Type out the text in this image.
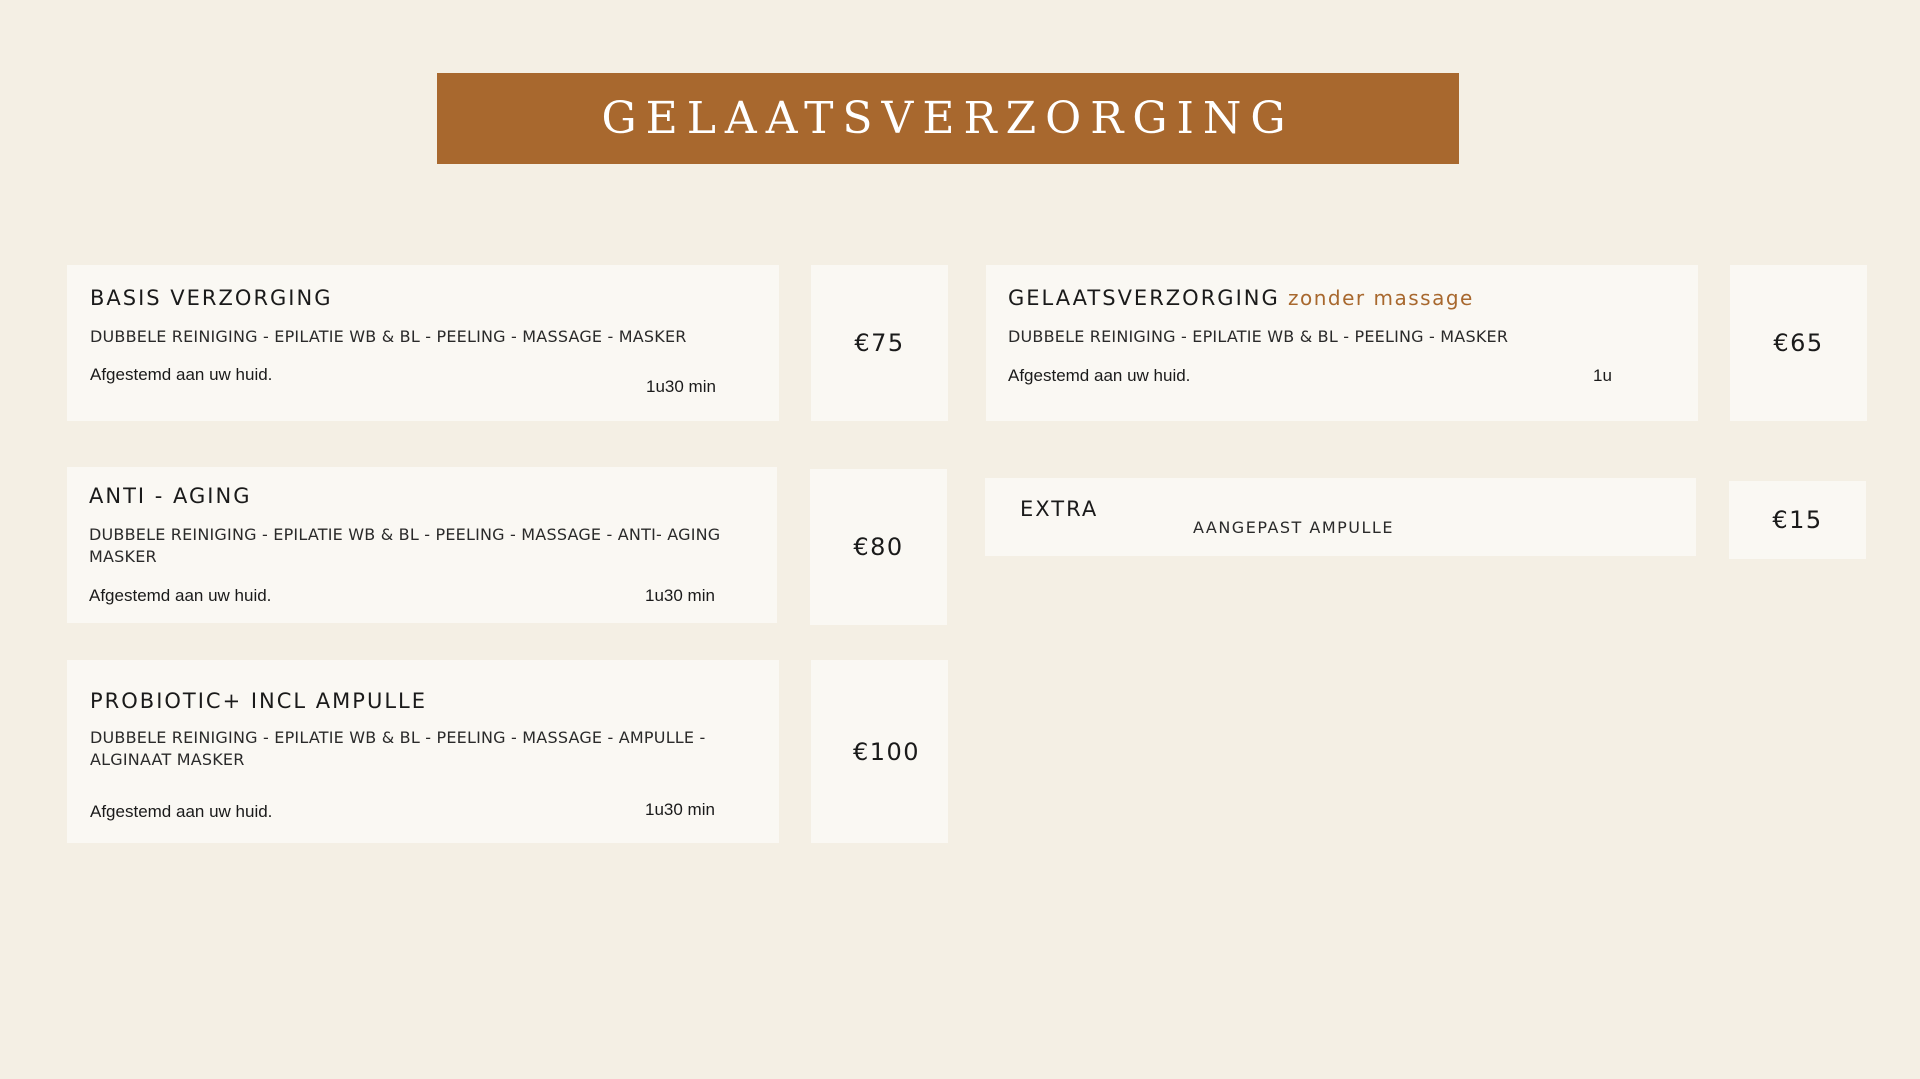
GELAATSVERZORGING
BASIS VERZORGING
DUBBELE REINIGING - EPILATIE WB & BL - PEELING - MASSAGE - MASKER
Afgestemd aan uw huid.
1u30 min
€75
ANTI - AGING
DUBBELE REINIGING - EPILATIE WB & BL - PEELING - MASSAGE - ANTI- AGING MASKER
Afgestemd aan uw huid.	1u30 min
€80
PROBIOTIC+ INCL AMPULLE
DUBBELE REINIGING - EPILATIE WB & BL - PEELING - MASSAGE - AMPULLE - ALGINAAT MASKER
Afgestemd aan uw huid.	1u30 min
€100
GELAATSVERZORGING zonder massage
DUBBELE REINIGING - EPILATIE WB & BL - PEELING - MASKER
Afgestemd aan uw huid.	1u
€65
EXTRA
AANGEPAST AMPULLE	€15
